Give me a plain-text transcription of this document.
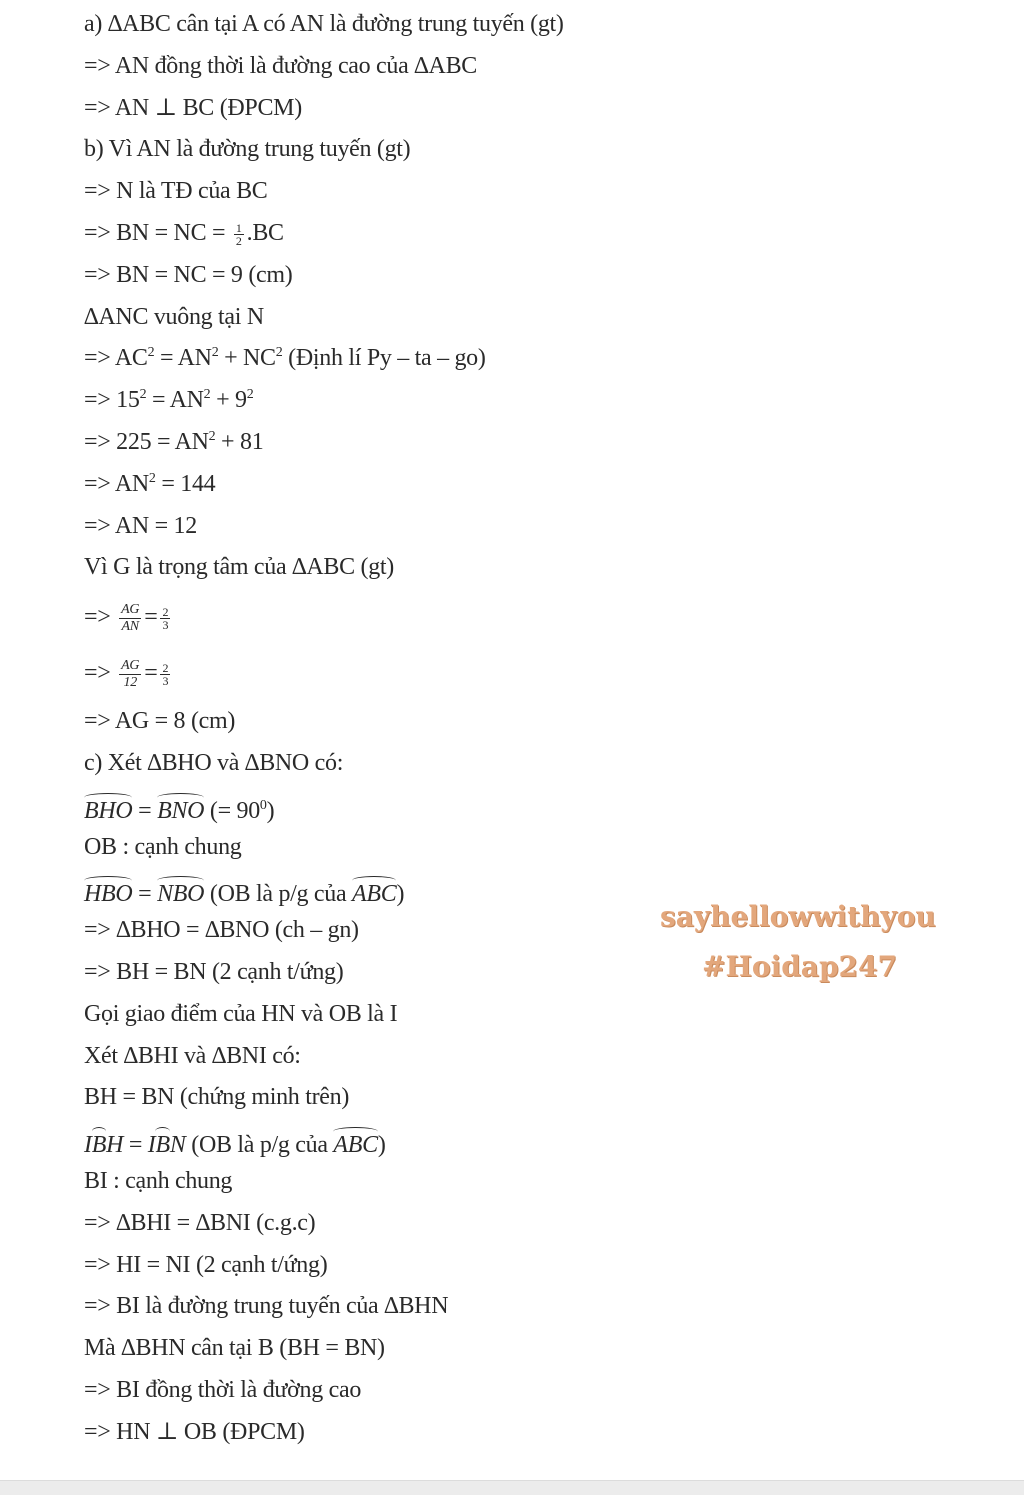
a) ∆ABC cân tại A có AN là đường trung tuyến (gt)
=> AN đồng thời là đường cao của ∆ABC
=> AN ⊥ BC (ĐPCM)
b) Vì AN là đường trung tuyến (gt)
=> N là TĐ của BC
=> BN = NC = $\frac{1}{2} .BC$
=> BN = NC = 9 (cm)
∆ANC vuông tại N
=> $AC^2 = AN^2 + NC^2$ (Định lí Py – ta – go)
=> $15^2 = AN^2 + 9^2$
=> $225 = AN^2 + 81$
=> $AN^2 = 144$
=> AN = 12
Vì G là trọng tâm của ∆ABC (gt)
=> $\frac{AG}{AN} = \frac{2}{3}$
=> $\frac{AG}{12} = \frac{2}{3}$
=> AG = 8 (cm)
c) Xét ∆BHO và ∆BNO có:
BHO = BNO (= $90^0$)
OB : cạnh chung
HBO = NBO (OB là p/g của ABC)
=> ∆BHO = ∆BNO (ch – gn)
=> BH = BN (2 cạnh t/ứng)
Gọi giao điểm của HN và OB là I
Xét ∆BHI và ∆BNI có:
BH = BN (chứng minh trên)
IBH = IBN (OB là p/g của ABC)
BI : cạnh chung
=> ∆BHI = ∆BNI (c.g.c)
=> HI = NI (2 cạnh t/ứng)
=> BI là đường trung tuyến của ∆BHN
Mà ∆BHN cân tại B (BH = BN)
=> BI đồng thời là đường cao
=> HN ⊥ OB (ĐPCM)
sayhellowwithyou
#Hoidap247
